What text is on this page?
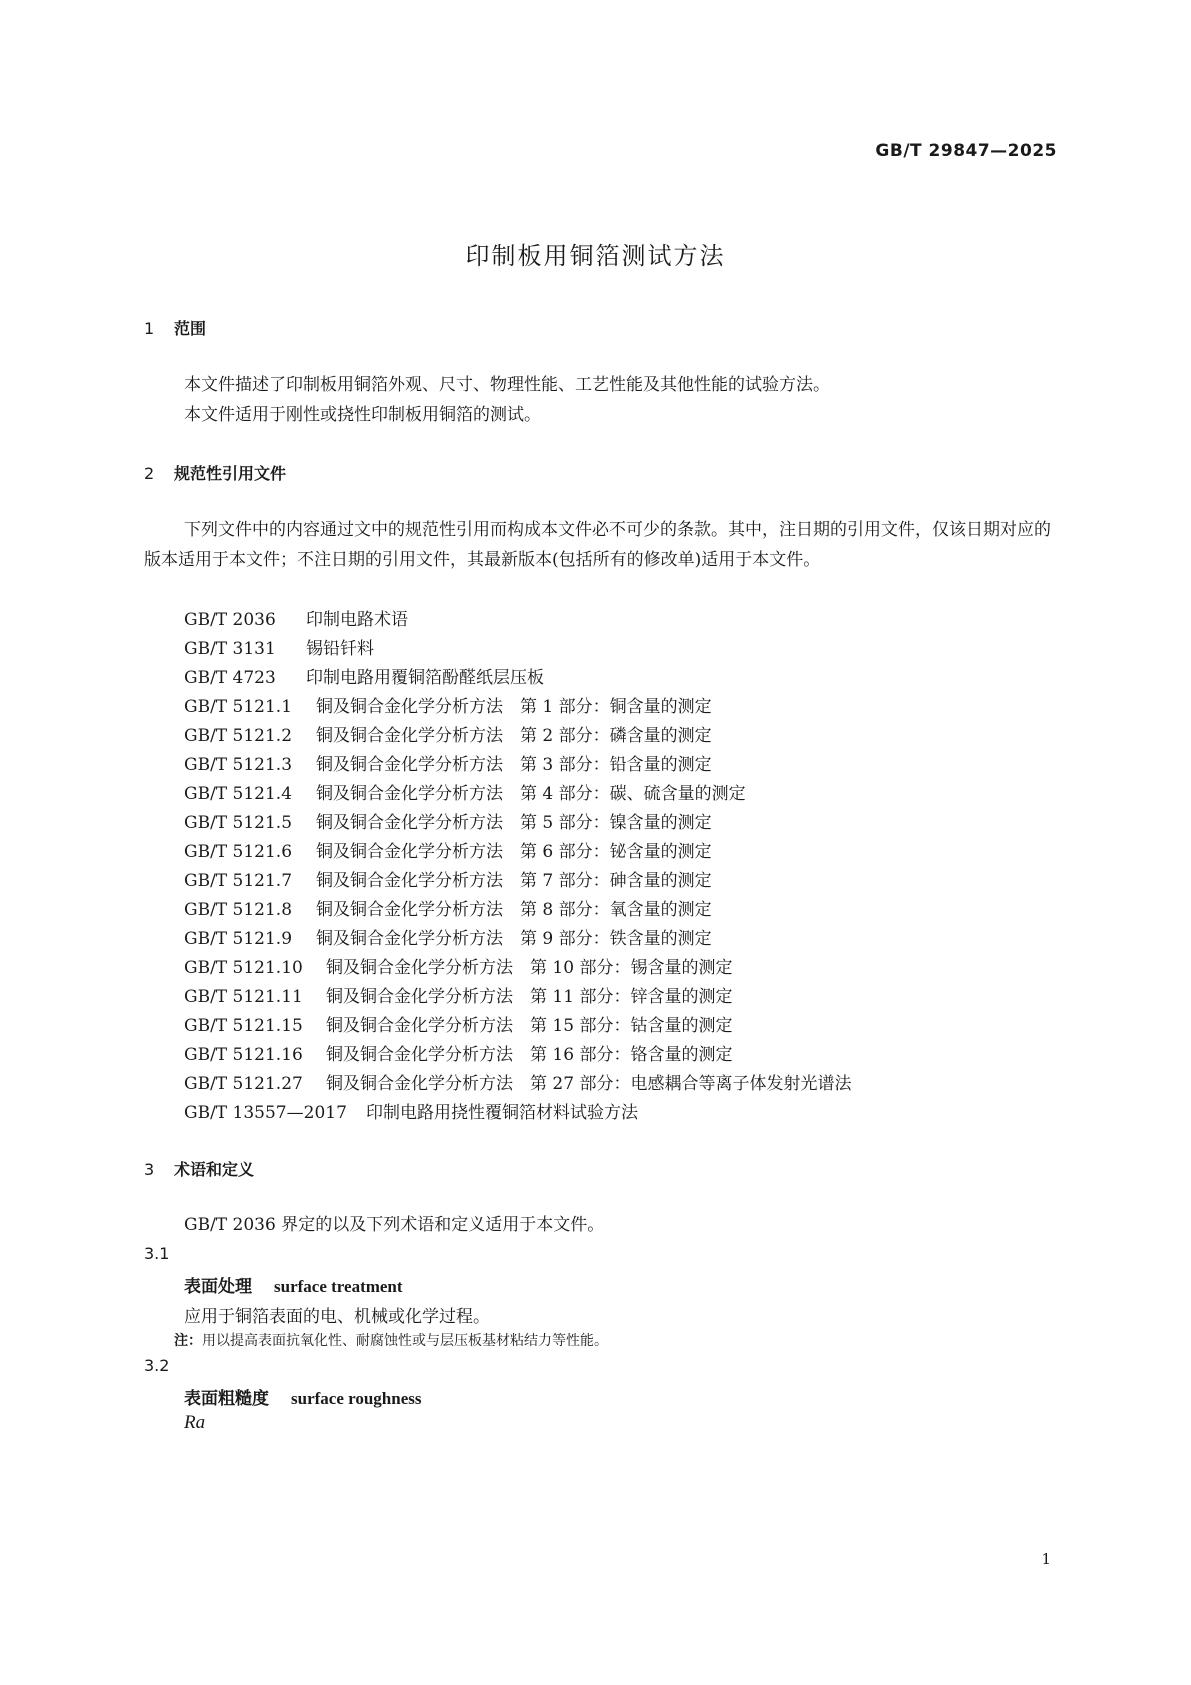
GB/T 29847—2025
印制板用铜箔测试方法
1 范围

本文件描述了印制板用铜箔外观、尺寸、物理性能、工艺性能及其他性能的试验方法。

本文件适用于刚性或挠性印制板用铜箔的测试。

2 规范性引用文件

下列文件中的内容通过文中的规范性引用而构成本文件必不可少的条款。其中，注日期的引用文件，仅该日期对应的版本适用于本文件；不注日期的引用文件，其最新版本(包括所有的修改单)适用于本文件。

GB/T 2036 印制电路术语
GB/T 3131 锡铅钎料
GB/T 4723 印制电路用覆铜箔酚醛纸层压板
GB/T 5121.1 铜及铜合金化学分析方法　第 1 部分：铜含量的测定
GB/T 5121.2 铜及铜合金化学分析方法　第 2 部分：磷含量的测定
GB/T 5121.3 铜及铜合金化学分析方法　第 3 部分：铅含量的测定
GB/T 5121.4 铜及铜合金化学分析方法　第 4 部分：碳、硫含量的测定
GB/T 5121.5 铜及铜合金化学分析方法　第 5 部分：镍含量的测定
GB/T 5121.6 铜及铜合金化学分析方法　第 6 部分：铋含量的测定
GB/T 5121.7 铜及铜合金化学分析方法　第 7 部分：砷含量的测定
GB/T 5121.8 铜及铜合金化学分析方法　第 8 部分：氧含量的测定
GB/T 5121.9 铜及铜合金化学分析方法　第 9 部分：铁含量的测定
GB/T 5121.10 铜及铜合金化学分析方法　第 10 部分：锡含量的测定
GB/T 5121.11 铜及铜合金化学分析方法　第 11 部分：锌含量的测定
GB/T 5121.15 铜及铜合金化学分析方法　第 15 部分：钴含量的测定
GB/T 5121.16 铜及铜合金化学分析方法　第 16 部分：铬含量的测定
GB/T 5121.27 铜及铜合金化学分析方法　第 27 部分：电感耦合等离子体发射光谱法
GB/T 13557—2017 印制电路用挠性覆铜箔材料试验方法
3 术语和定义

GB/T 2036 界定的以及下列术语和定义适用于本文件。

3.1
表面处理 surface treatment
应用于铜箔表面的电、机械或化学过程。
注：用以提高表面抗氧化性、耐腐蚀性或与层压板基材粘结力等性能。
3.2
表面粗糙度 surface roughness
Ra
1
